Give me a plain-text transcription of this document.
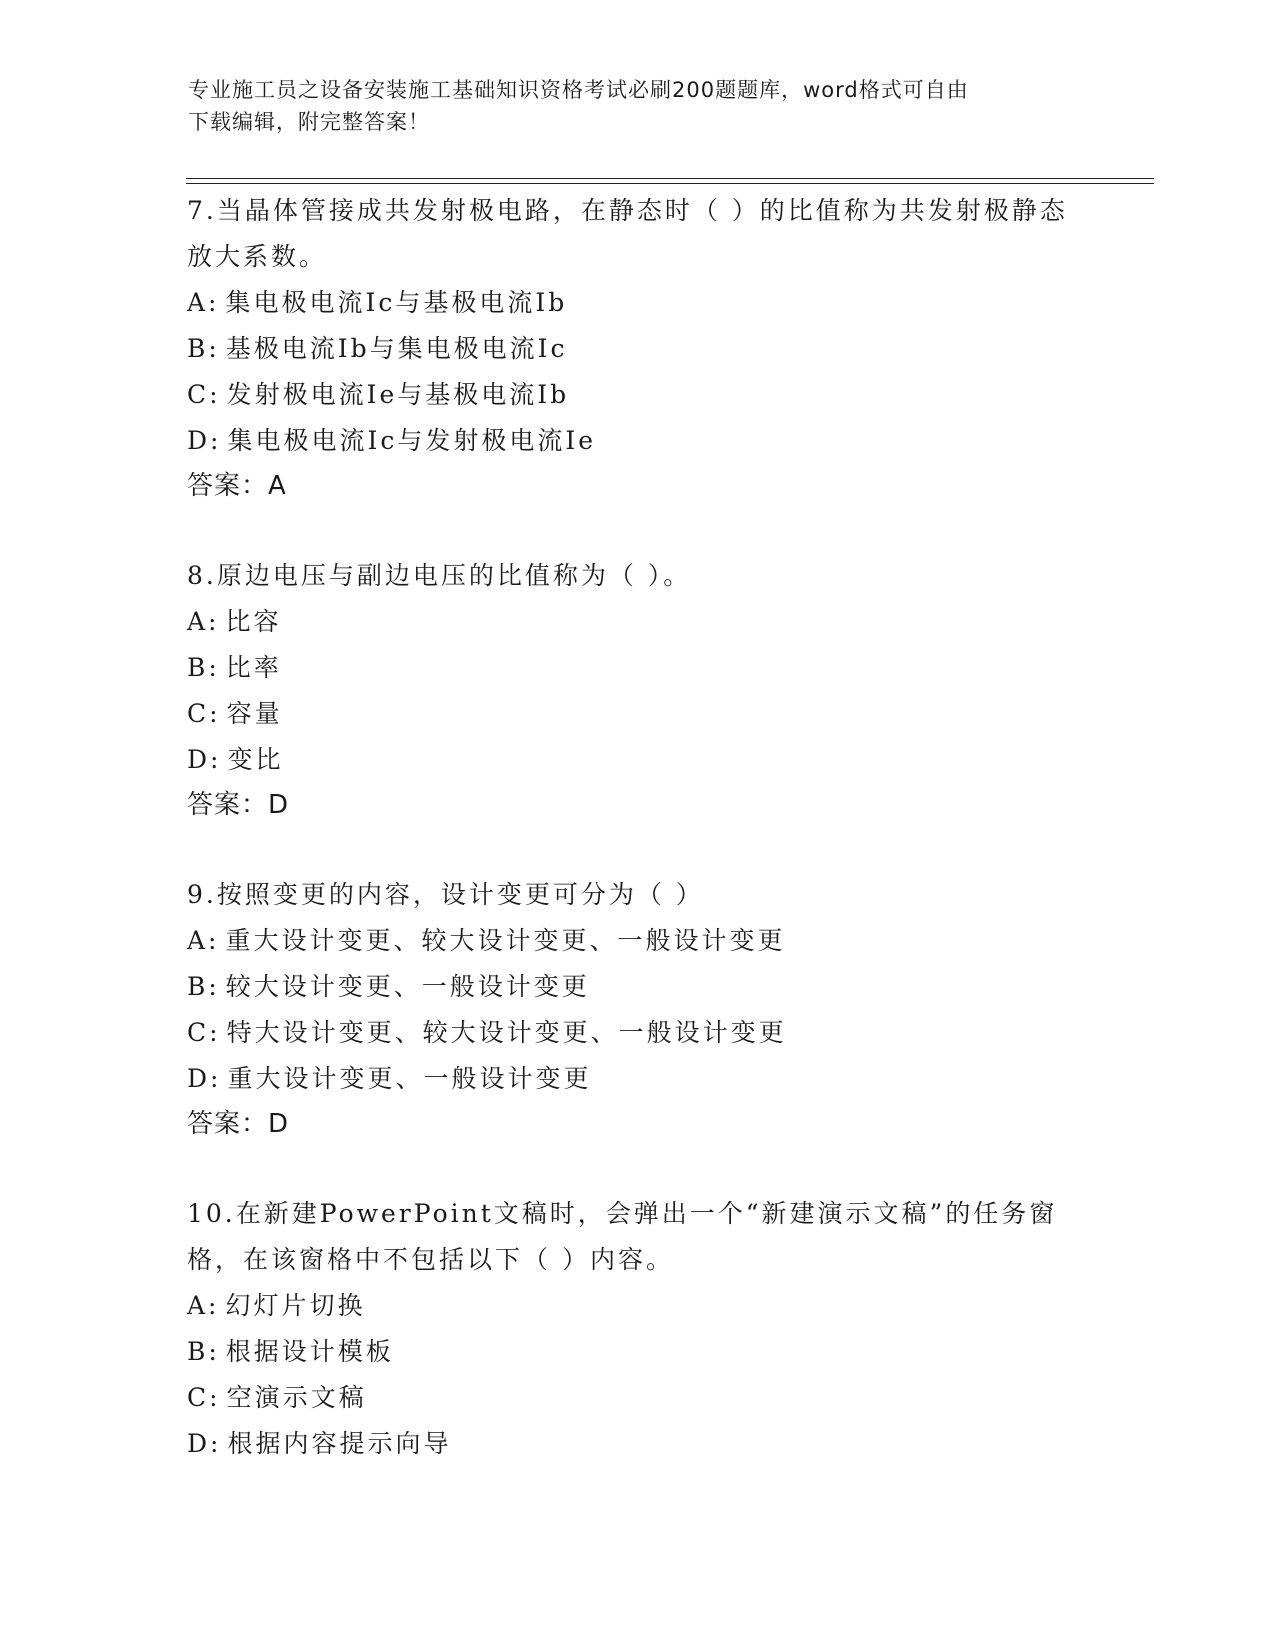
专业施工员之设备安装施工基础知识资格考试必刷200题题库，word格式可自由
下载编辑，附完整答案！
7.当晶体管接成共发射极电路，在静态时（ ）的比值称为共发射极静态放大系数。
A: 集电极电流Ic与基极电流Ib
B: 基极电流Ib与集电极电流Ic
C: 发射极电流Ie与基极电流Ib
D: 集电极电流Ic与发射极电流Ie
答案：A
8.原边电压与副边电压的比值称为（ ）。
A: 比容
B: 比率
C: 容量
D: 变比
答案：D
9.按照变更的内容，设计变更可分为（ ）
A: 重大设计变更、较大设计变更、一般设计变更
B: 较大设计变更、一般设计变更
C: 特大设计变更、较大设计变更、一般设计变更
D: 重大设计变更、一般设计变更
答案：D
10.在新建PowerPoint文稿时，会弹出一个“新建演示文稿”的任务窗格，在该窗格中不包括以下（ ）内容。
A: 幻灯片切换
B: 根据设计模板
C: 空演示文稿
D: 根据内容提示向导
